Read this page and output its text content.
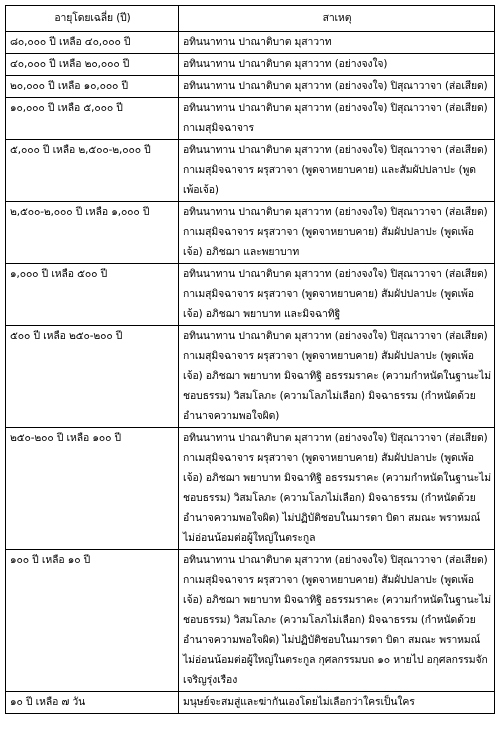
อายุโดยเฉลี่ย (ปี)	สาเหตุ
๘๐,๐๐๐ ปี เหลือ ๔๐,๐๐๐ ปี	อทินนาทาน ปาณาติบาต มุสาวาท
๔๐,๐๐๐ ปี เหลือ ๒๐,๐๐๐ ปี	อทินนาทาน ปาณาติบาต มุสาวาท (อย่างจงใจ)
๒๐,๐๐๐ ปี เหลือ ๑๐,๐๐๐ ปี	อทินนาทาน ปาณาติบาต มุสาวาท (อย่างจงใจ) ปิสุณาวาจา (ส่อเสียด)
๑๐,๐๐๐ ปี เหลือ ๕,๐๐๐ ปี	อทินนาทาน ปาณาติบาต มุสาวาท (อย่างจงใจ) ปิสุณาวาจา (ส่อเสียด) กาเมสุมิจฉาจาร
๕,๐๐๐ ปี เหลือ ๒,๕๐๐-๒,๐๐๐ ปี	อทินนาทาน ปาณาติบาต มุสาวาท (อย่างจงใจ) ปิสุณาวาจา (ส่อเสียด) กาเมสุมิจฉาจาร ผรุสวาจา (พูดจาหยาบคาย) และสัมผัปปลาปะ (พูดเพ้อเจ้อ)
๒,๕๐๐-๒,๐๐๐ ปี เหลือ ๑,๐๐๐ ปี	อทินนาทาน ปาณาติบาต มุสาวาท (อย่างจงใจ) ปิสุณาวาจา (ส่อเสียด) กาเมสุมิจฉาจาร ผรุสวาจา (พูดจาหยาบคาย) สัมผัปปลาปะ (พูดเพ้อเจ้อ) อภิชฌา และพยาบาท
๑,๐๐๐ ปี เหลือ ๕๐๐ ปี	อทินนาทาน ปาณาติบาต มุสาวาท (อย่างจงใจ) ปิสุณาวาจา (ส่อเสียด) กาเมสุมิจฉาจาร ผรุสวาจา (พูดจาหยาบคาย) สัมผัปปลาปะ (พูดเพ้อเจ้อ) อภิชฌา พยาบาท และมิจฉาทิฐิ
๕๐๐ ปี เหลือ ๒๕๐-๒๐๐ ปี	อทินนาทาน ปาณาติบาต มุสาวาท (อย่างจงใจ) ปิสุณาวาจา (ส่อเสียด) กาเมสุมิจฉาจาร ผรุสวาจา (พูดจาหยาบคาย) สัมผัปปลาปะ (พูดเพ้อเจ้อ) อภิชฌา พยาบาท มิจฉาทิฐิ อธรรมราคะ (ความกำหนัดในฐานะไม่ชอบธรรม) วิสมโลภะ (ความโลภไม่เลือก) มิจฉาธรรม (กำหนัดด้วยอำนาจความพอใจผิด)
๒๕๐-๒๐๐ ปี เหลือ ๑๐๐ ปี	อทินนาทาน ปาณาติบาต มุสาวาท (อย่างจงใจ) ปิสุณาวาจา (ส่อเสียด) กาเมสุมิจฉาจาร ผรุสวาจา (พูดจาหยาบคาย) สัมผัปปลาปะ (พูดเพ้อเจ้อ) อภิชฌา พยาบาท มิจฉาทิฐิ อธรรมราคะ (ความกำหนัดในฐานะไม่ชอบธรรม) วิสมโลภะ (ความโลภไม่เลือก) มิจฉาธรรม (กำหนัดด้วยอำนาจความพอใจผิด) ไม่ปฏิบัติชอบในมารดา บิดา สมณะ พราหมณ์ ไม่อ่อนน้อมต่อผู้ใหญ่ในตระกูล
๑๐๐ ปี เหลือ ๑๐ ปี	อทินนาทาน ปาณาติบาต มุสาวาท (อย่างจงใจ) ปิสุณาวาจา (ส่อเสียด) กาเมสุมิจฉาจาร ผรุสวาจา (พูดจาหยาบคาย) สัมผัปปลาปะ (พูดเพ้อเจ้อ) อภิชฌา พยาบาท มิจฉาทิฐิ อธรรมราคะ (ความกำหนัดในฐานะไม่ชอบธรรม) วิสมโลภะ (ความโลภไม่เลือก) มิจฉาธรรม (กำหนัดด้วยอำนาจความพอใจผิด) ไม่ปฏิบัติชอบในมารดา บิดา สมณะ พราหมณ์ ไม่อ่อนน้อมต่อผู้ใหญ่ในตระกูล กุศลกรรมบถ ๑๐ หายไป อกุศลกรรมจักเจริญรุ่งเรือง
๑๐ ปี เหลือ ๗ วัน	มนุษย์จะสมสู่และฆ่ากันเองโดยไม่เลือกว่าใครเป็นใคร
